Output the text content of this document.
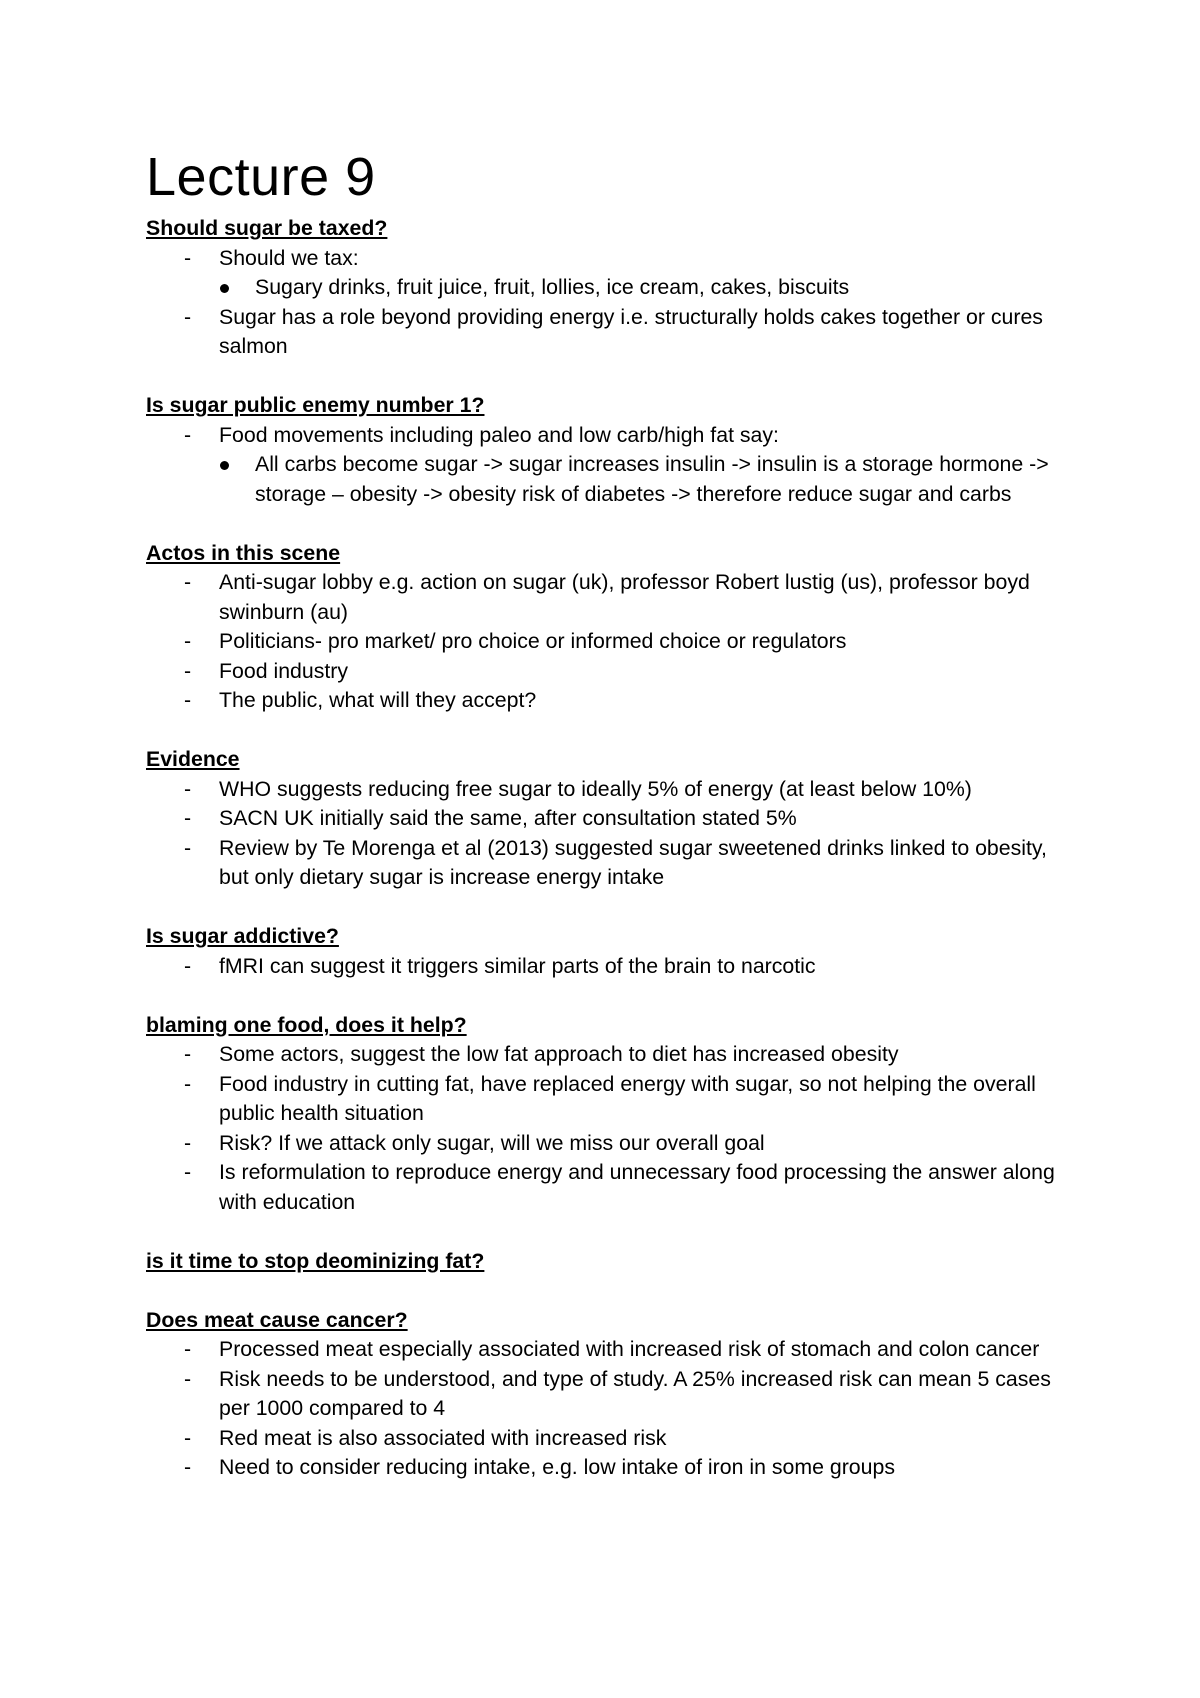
Lecture 9

Should sugar be taxed?

- Should we tax:
Sugary drinks, fruit juice, fruit, lollies, ice cream, cakes, biscuits
- Sugar has a role beyond providing energy i.e. structurally holds cakes together or cures salmon

Is sugar public enemy number 1?

- Food movements including paleo and low carb/high fat say:
All carbs become sugar -> sugar increases insulin -> insulin is a storage hormone -> storage – obesity -> obesity risk of diabetes -> therefore reduce sugar and carbs

Actos in this scene

- Anti-sugar lobby e.g. action on sugar (uk), professor Robert lustig (us), professor boyd swinburn (au)
- Politicians- pro market/ pro choice or informed choice or regulators
- Food industry
- The public, what will they accept?

Evidence

- WHO suggests reducing free sugar to ideally 5% of energy (at least below 10%)
- SACN UK initially said the same, after consultation stated 5%
- Review by Te Morenga et al (2013) suggested sugar sweetened drinks linked to obesity, but only dietary sugar is increase energy intake

Is sugar addictive?

- fMRI can suggest it triggers similar parts of the brain to narcotic

blaming one food, does it help?

- Some actors, suggest the low fat approach to diet has increased obesity
- Food industry in cutting fat, have replaced energy with sugar, so not helping the overall public health situation
- Risk? If we attack only sugar, will we miss our overall goal
- Is reformulation to reproduce energy and unnecessary food processing the answer along with education

is it time to stop deominizing fat?

Does meat cause cancer?

- Processed meat especially associated with increased risk of stomach and colon cancer
- Risk needs to be understood, and type of study. A 25% increased risk can mean 5 cases per 1000 compared to 4
- Red meat is also associated with increased risk
- Need to consider reducing intake, e.g. low intake of iron in some groups
